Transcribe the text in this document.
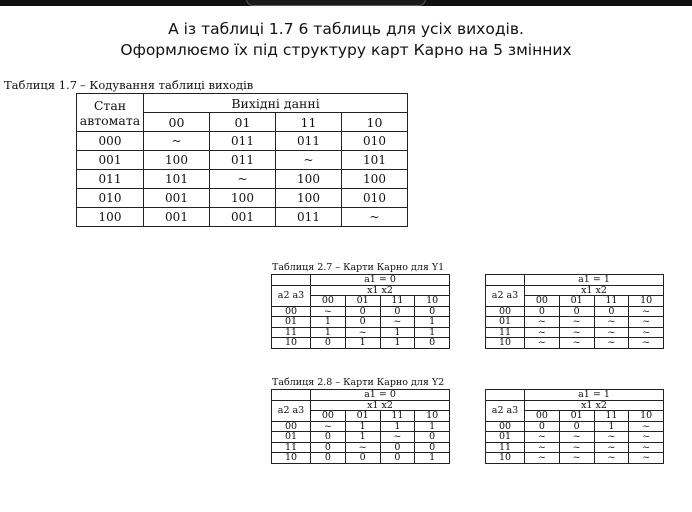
А із таблиці 1.7 6 таблиць для усіх виходів.
Оформлюємо їх під структуру карт Карно на 5 змінних
Таблиця 1.7 – Кодування таблиці виходів
Стан
автомата	Вихідні данні			
	00	01	11	10
000	~	011	011	010
001	100	011	~	101
011	101	~	100	100
010	001	100	100	010
100	001	001	011	~
Таблиця 2.7 – Карти Карно для Y1
Таблиця 2.8 – Карти Карно для Y2
	a1 = 0			
a2 a3	x1 x2			
	00	01	11	10
00	~	0	0	0
01	1	0	~	1
11	1	~	1	1
10	0	1	1	0
	a1 = 1			
a2 a3	x1 x2			
	00	01	11	10
00	0	0	0	~
01	~	~	~	~
11	~	~	~	~
10	~	~	~	~
	a1 = 0			
a2 a3	x1 x2			
	00	01	11	10
00	~	1	1	1
01	0	1	~	0
11	0	~	0	0
10	0	0	0	1
	a1 = 1			
a2 a3	x1 x2			
	00	01	11	10
00	0	0	1	~
01	~	~	~	~
11	~	~	~	~
10	~	~	~	~
